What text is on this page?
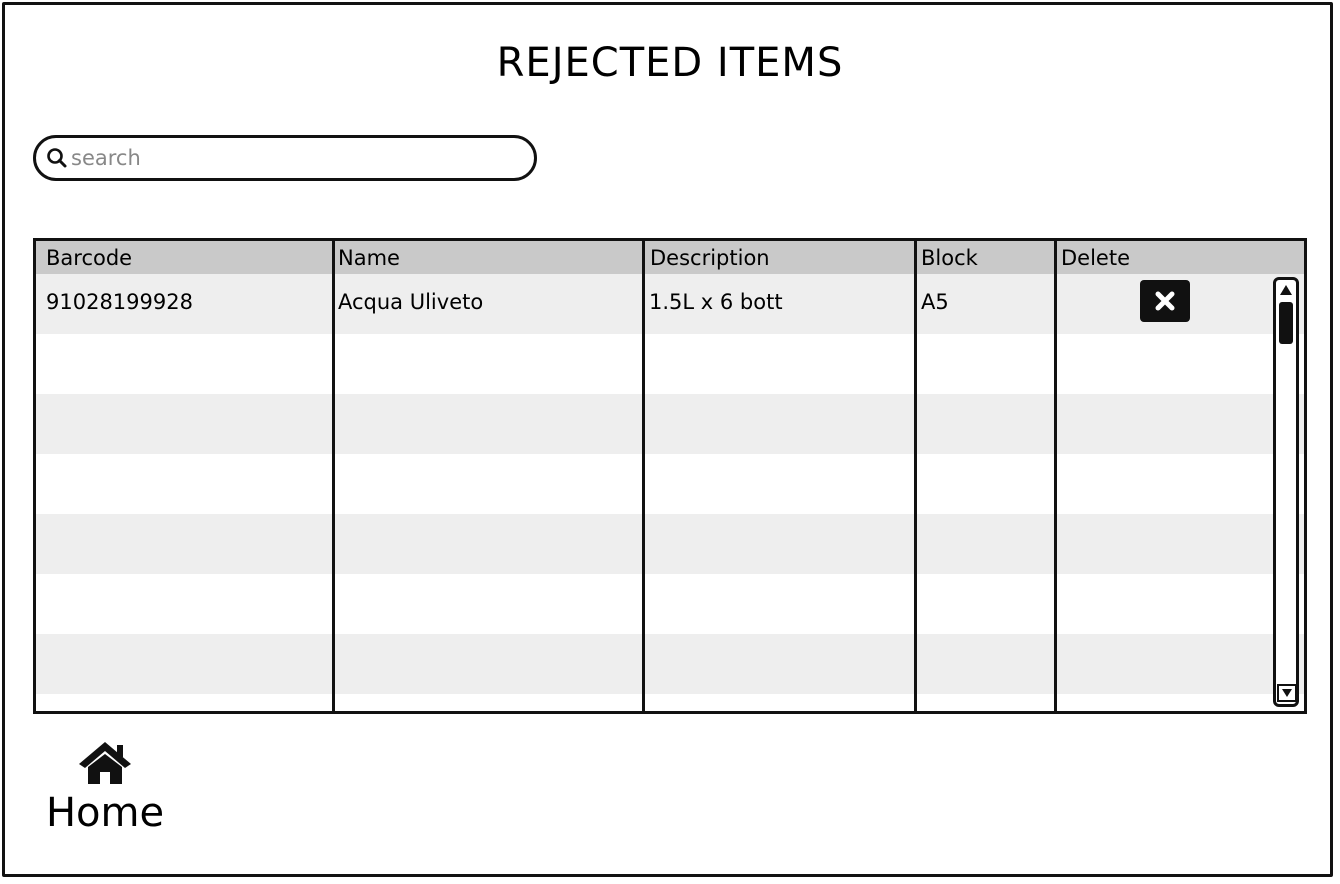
REJECTED ITEMS
search
Barcode	Name	Description	Block	Delete
91028199928	Acqua Uliveto	1.5L x 6 bott	A5
Home
